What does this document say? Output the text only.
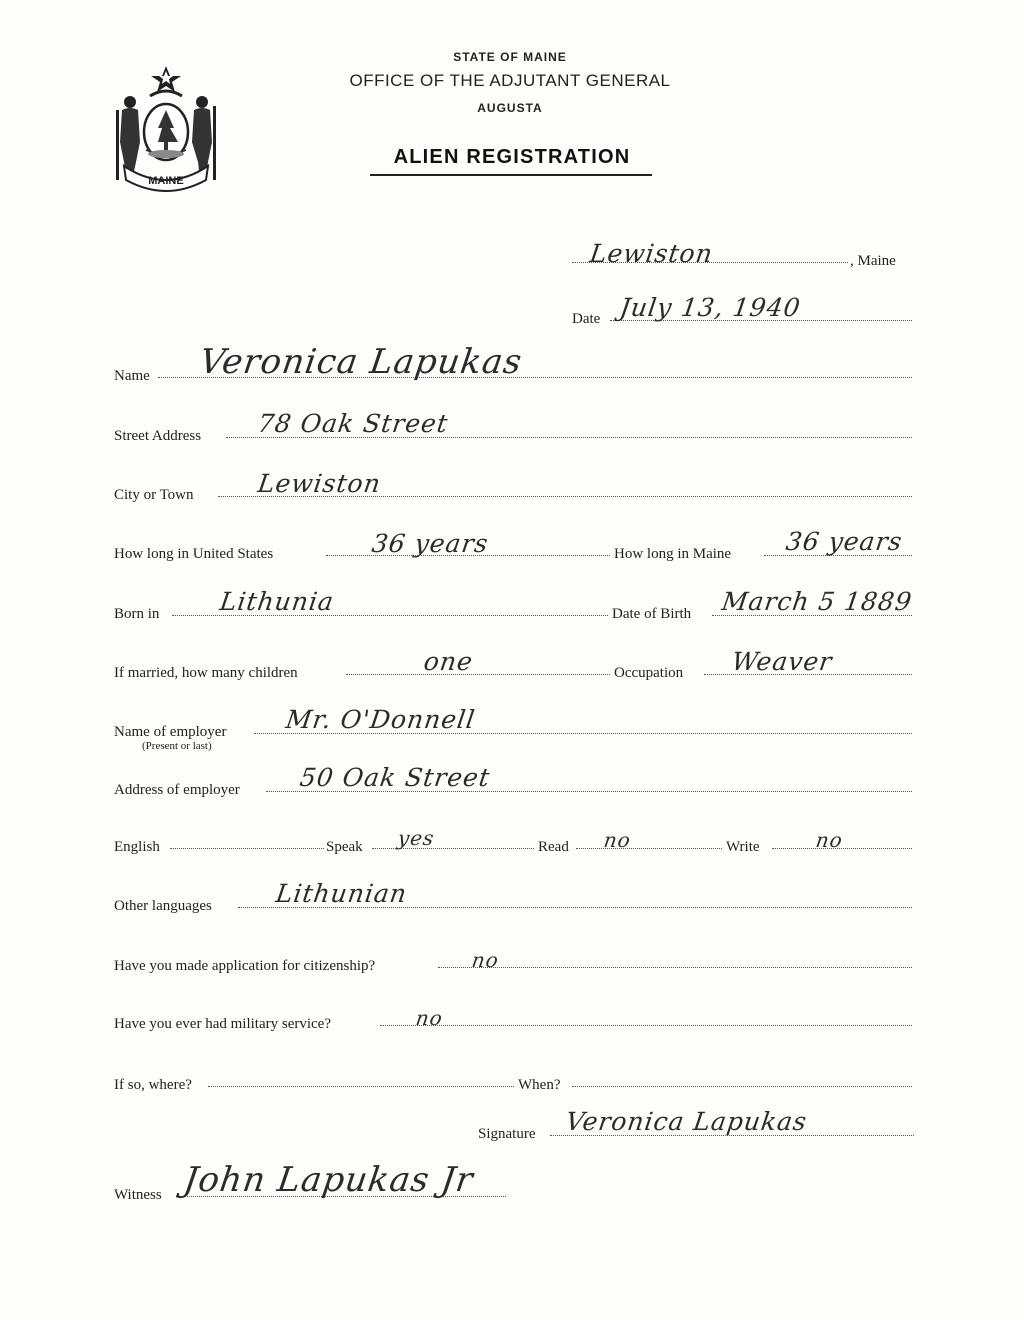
MAINE
STATE OF MAINE
OFFICE OF THE ADJUTANT GENERAL
AUGUSTA
ALIEN REGISTRATION
Lewiston	, Maine
Date July 13, 1940
Name Veronica Lapukas
Street Address 78 Oak Street
City or Town	Lewiston
How long in United States	36 years	How long in Maine 36 years
Born in Lithunia	Date of Birth March 5 1889
If married, how many children	one	Occupation Weaver
Name of employer
(Present or last)
Mr. O'Donnell
Address of employer 50 Oak Street
English	Speak yes	Read no	Write	no
Other languages Lithunian
Have you made application for citizenship?	no
Have you ever had military service?	no
If so, where?	When?
Signature Veronica Lapukas
Witness John Lapukas Jr
